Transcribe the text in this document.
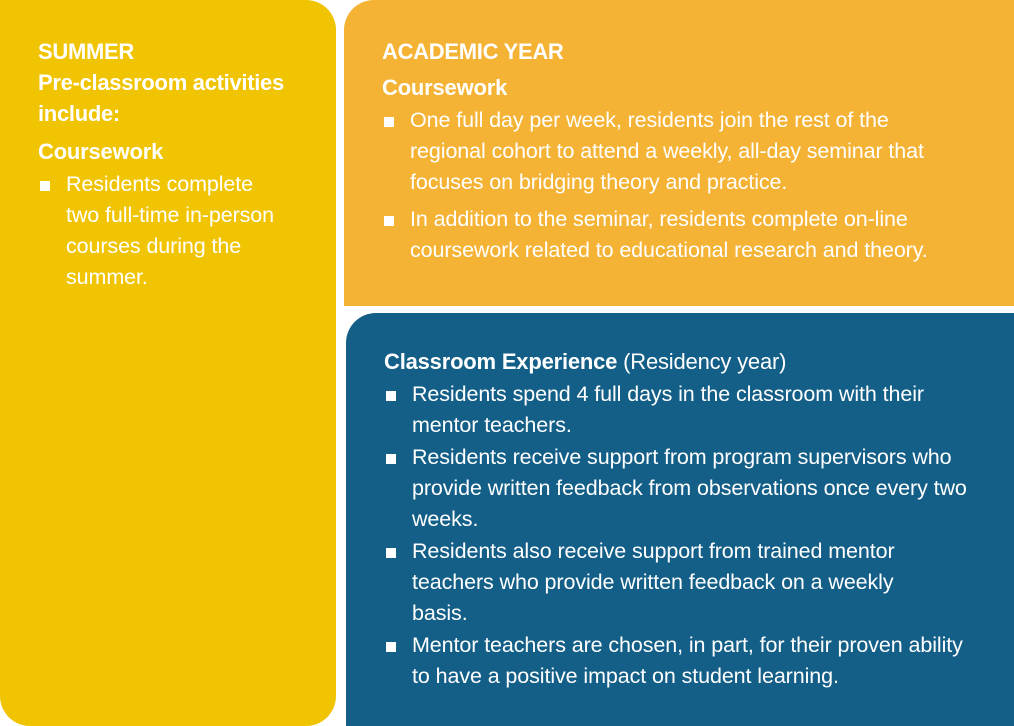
SUMMER
Pre-classroom activities
include:
Coursework
Residents complete two full-time in-person courses during the summer.
ACADEMIC YEAR
Coursework
One full day per week, residents join the rest of the regional cohort to attend a weekly, all-day seminar that focuses on bridging theory and practice.
In addition to the seminar, residents complete on-line coursework related to educational research and theory.
Classroom Experience (Residency year)
Residents spend 4 full days in the classroom with their mentor teachers.
Residents receive support from program supervisors who provide written feedback from observations once every two weeks.
Residents also receive support from trained mentor teachers who provide written feedback on a weekly basis.
Mentor teachers are chosen, in part, for their proven ability to have a positive impact on student learning.
